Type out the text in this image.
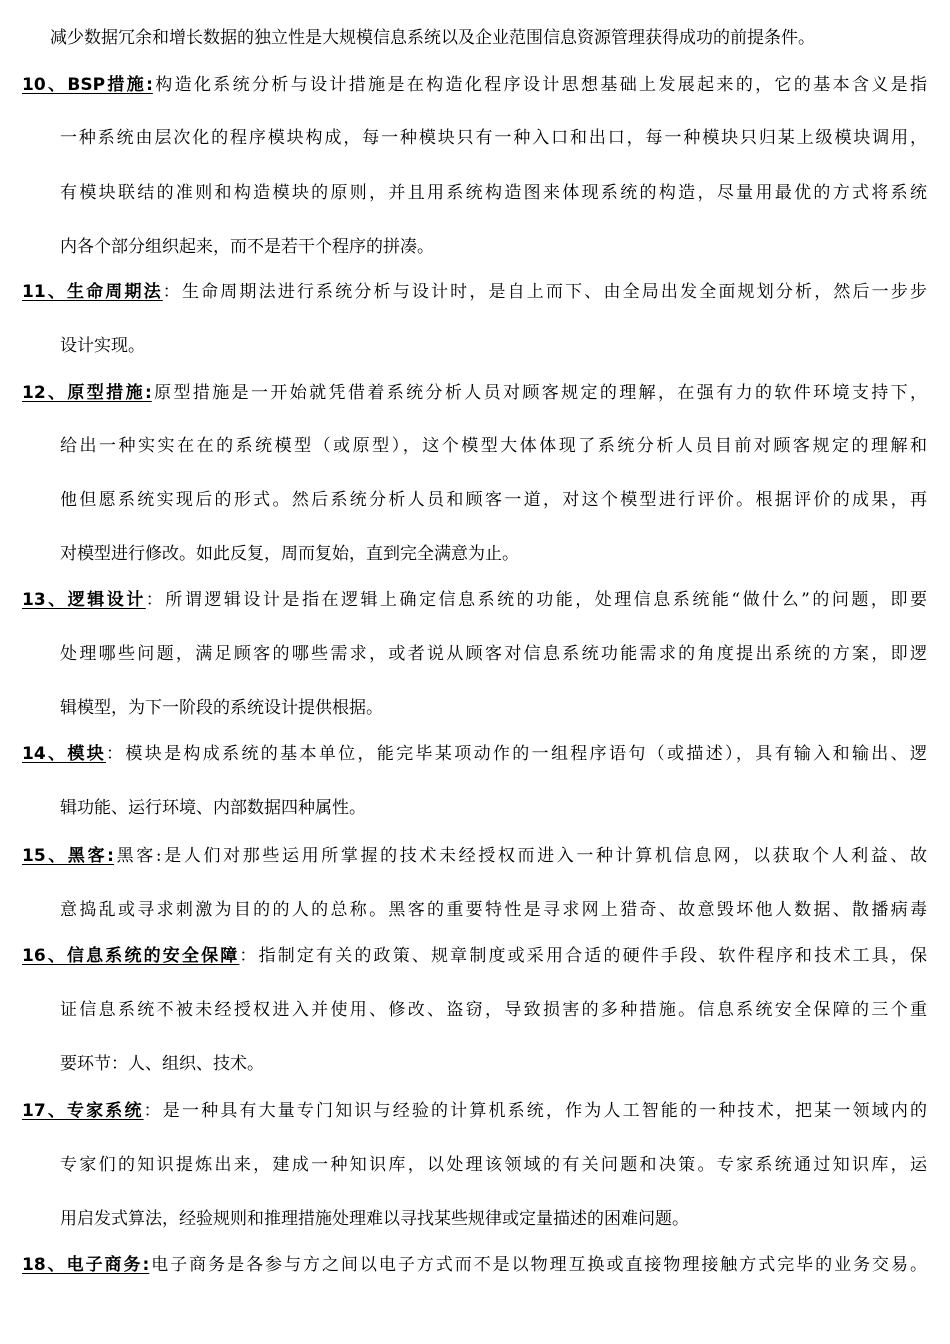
减少数据冗余和增长数据的独立性是大规模信息系统以及企业范围信息资源管理获得成功的前提条件。
10、BSP措施:构造化系统分析与设计措施是在构造化程序设计思想基础上发展起来的，它的基本含义是指
一种系统由层次化的程序模块构成，每一种模块只有一种入口和出口，每一种模块只归某上级模块调用，
有模块联结的准则和构造模块的原则，并且用系统构造图来体现系统的构造，尽量用最优的方式将系统
内各个部分组织起来，而不是若干个程序的拼凑。
11、生命周期法：生命周期法进行系统分析与设计时，是自上而下、由全局出发全面规划分析，然后一步步
设计实现。
12、原型措施:原型措施是一开始就凭借着系统分析人员对顾客规定的理解，在强有力的软件环境支持下，
给出一种实实在在的系统模型（或原型），这个模型大体体现了系统分析人员目前对顾客规定的理解和
他但愿系统实现后的形式。然后系统分析人员和顾客一道，对这个模型进行评价。根据评价的成果，再
对模型进行修改。如此反复，周而复始，直到完全满意为止。
13、逻辑设计：所谓逻辑设计是指在逻辑上确定信息系统的功能，处理信息系统能“做什么”的问题，即要
处理哪些问题，满足顾客的哪些需求，或者说从顾客对信息系统功能需求的角度提出系统的方案，即逻
辑模型，为下一阶段的系统设计提供根据。
14、模块：模块是构成系统的基本单位，能完毕某项动作的一组程序语句（或描述），具有输入和输出、逻
辑功能、运行环境、内部数据四种属性。
15、黑客:黑客:是人们对那些运用所掌握的技术未经授权而进入一种计算机信息网，以获取个人利益、故
意捣乱或寻求刺激为目的的人的总称。黑客的重要特性是寻求网上猎奇、故意毁坏他人数据、散播病毒
16、信息系统的安全保障：指制定有关的政策、规章制度或采用合适的硬件手段、软件程序和技术工具，保
证信息系统不被未经授权进入并使用、修改、盗窃，导致损害的多种措施。信息系统安全保障的三个重
要环节：人、组织、技术。
17、专家系统：是一种具有大量专门知识与经验的计算机系统，作为人工智能的一种技术，把某一领域内的
专家们的知识提炼出来，建成一种知识库，以处理该领域的有关问题和决策。专家系统通过知识库，运
用启发式算法，经验规则和推理措施处理难以寻找某些规律或定量描述的困难问题。
18、电子商务:电子商务是各参与方之间以电子方式而不是以物理互换或直接物理接触方式完毕的业务交易。
